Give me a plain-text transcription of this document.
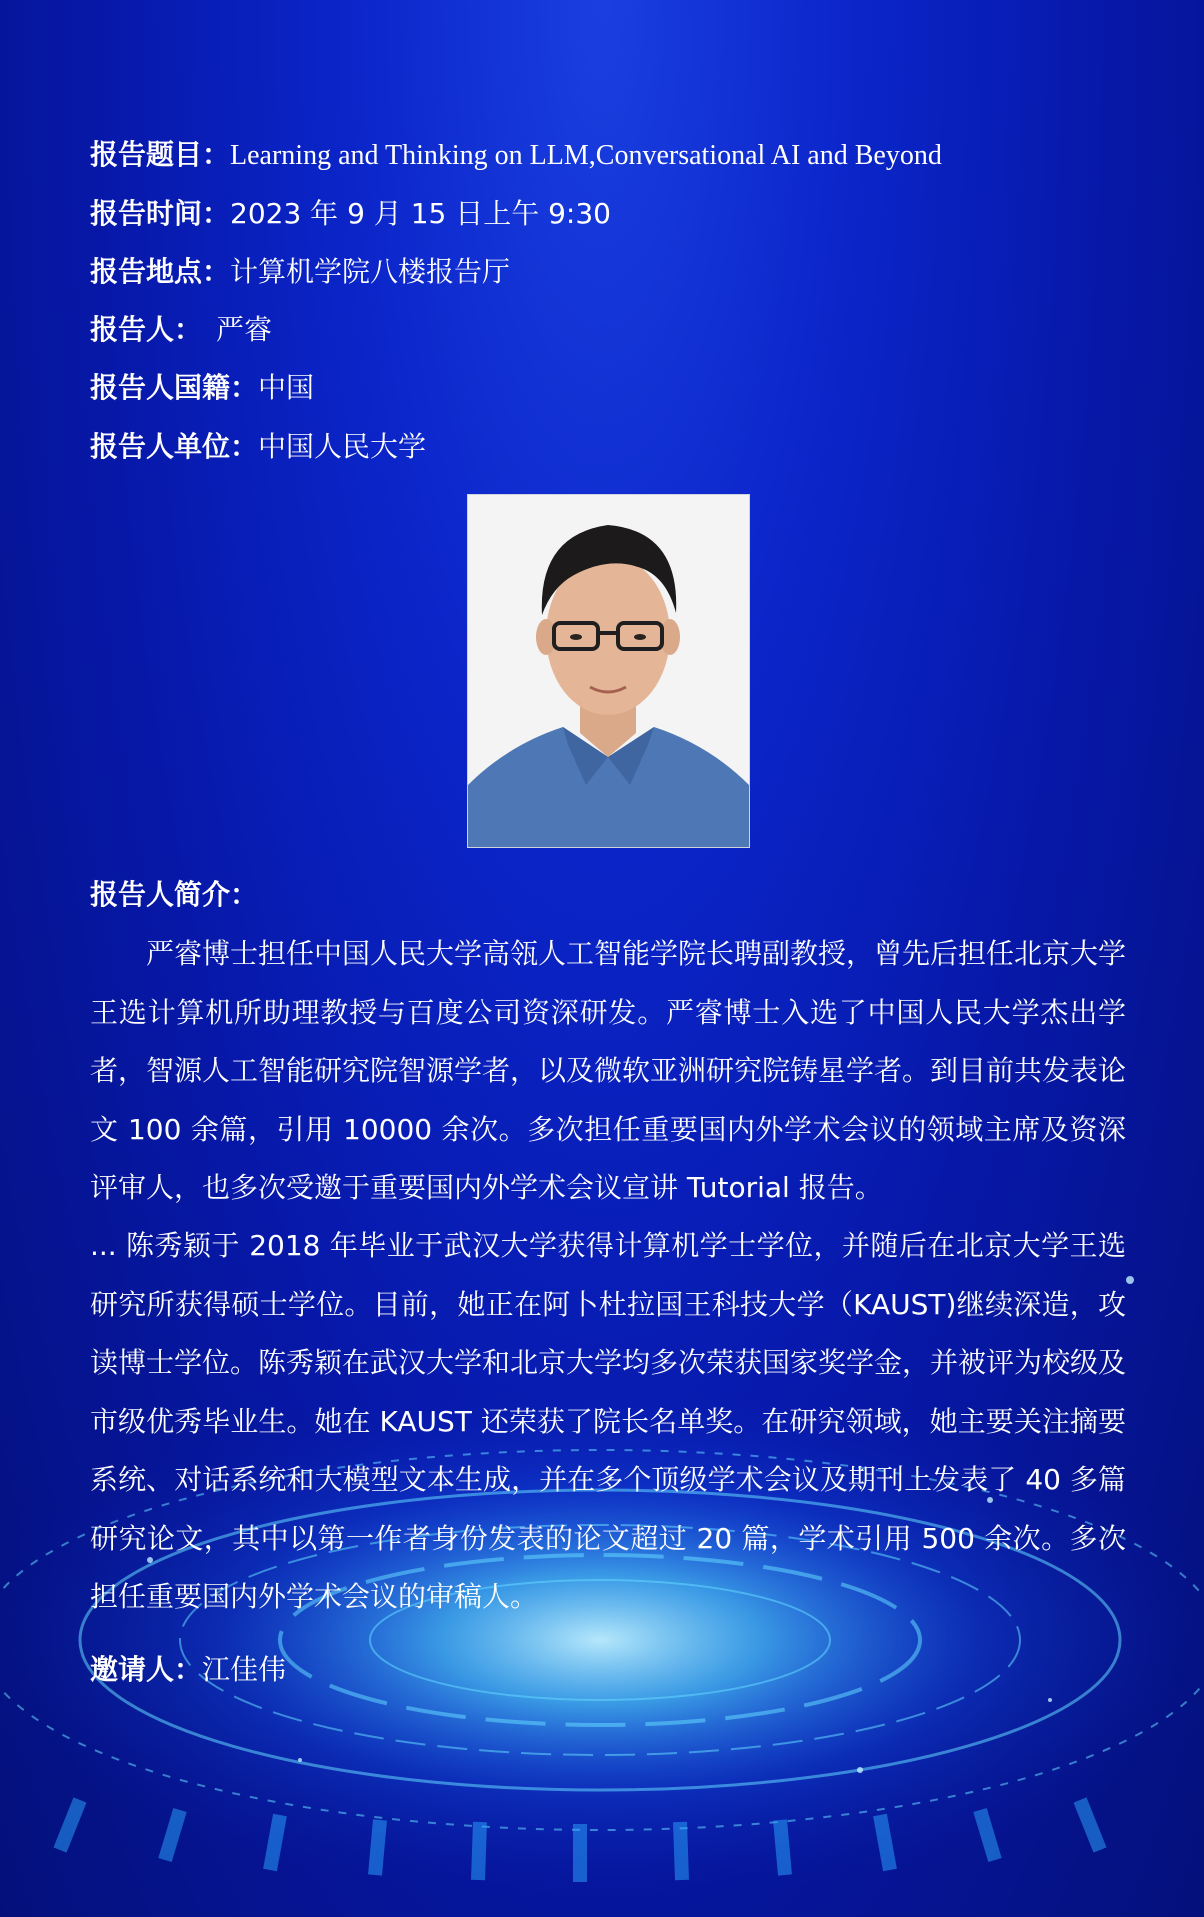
报告题目：Learning and Thinking on LLM,Conversational AI and Beyond
报告时间：2023 年 9 月 15 日上午 9:30
报告地点：计算机学院八楼报告厅
报告人： 严睿
报告人国籍：中国
报告人单位：中国人民大学
报告人简介：

严睿博士担任中国人民大学高瓴人工智能学院长聘副教授，曾先后担任北京大学王选计算机所助理教授与百度公司资深研发。严睿博士入选了中国人民大学杰出学者，智源人工智能研究院智源学者，以及微软亚洲研究院铸星学者。到目前共发表论文 100 余篇，引用 10000 余次。多次担任重要国内外学术会议的领域主席及资深评审人，也多次受邀于重要国内外学术会议宣讲 Tutorial 报告。

... 陈秀颖于 2018 年毕业于武汉大学获得计算机学士学位，并随后在北京大学王选研究所获得硕士学位。目前，她正在阿卜杜拉国王科技大学（KAUST)继续深造，攻读博士学位。陈秀颖在武汉大学和北京大学均多次荣获国家奖学金，并被评为校级及市级优秀毕业生。她在 KAUST 还荣获了院长名单奖。在研究领域，她主要关注摘要系统、对话系统和大模型文本生成，并在多个顶级学术会议及期刊上发表了 40 多篇研究论文，其中以第一作者身份发表的论文超过 20 篇，学术引用 500 余次。多次担任重要国内外学术会议的审稿人。

邀请人：江佳伟
